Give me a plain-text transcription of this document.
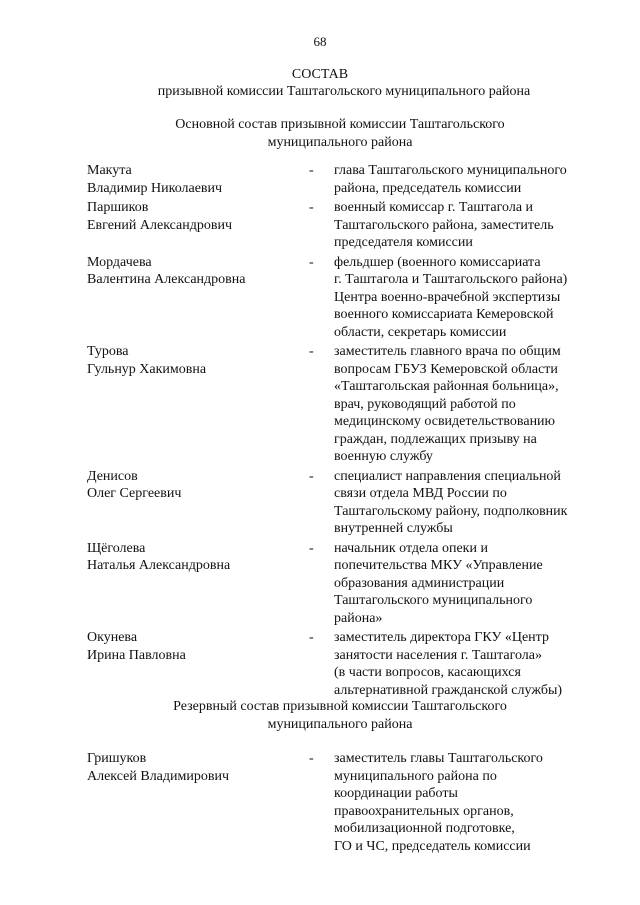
68
СОСТАВ
призывной комиссии Таштагольского муниципального района
Основной состав призывной комиссии Таштагольского
муниципального района
Макута
Владимир Николаевич
-	глава Таштагольского муниципального
района, председатель комиссии
Паршиков
Евгений Александрович
-	военный комиссар г. Таштагола и
Таштагольского района, заместитель
председателя комиссии
Мордачева
Валентина Александровна
-	фельдшер (военного комиссариата
г. Таштагола и Таштагольского района)
Центра военно-врачебной экспертизы
военного комиссариата Кемеровской
области, секретарь комиссии
Турова
Гульнур Хакимовна
-	заместитель главного врача по общим
вопросам ГБУЗ Кемеровской области
«Таштагольская районная больница»,
врач, руководящий работой по
медицинскому освидетельствованию
граждан, подлежащих призыву на
военную службу
Денисов
Олег Сергеевич
-	специалист направления специальной
связи отдела МВД России по
Таштагольскому району, подполковник
внутренней службы
Щёголева
Наталья Александровна
-	начальник отдела опеки и
попечительства МКУ «Управление
образования администрации
Таштагольского муниципального
района»
Окунева
Ирина Павловна
-	заместитель директора ГКУ «Центр
занятости населения г. Таштагола»
(в части вопросов, касающихся
альтернативной гражданской службы)
Резервный состав призывной комиссии Таштагольского
муниципального района
Гришуков
Алексей Владимирович
-	заместитель главы Таштагольского
муниципального района по
координации работы
правоохранительных органов,
мобилизационной подготовке,
ГО и ЧС, председатель комиссии
